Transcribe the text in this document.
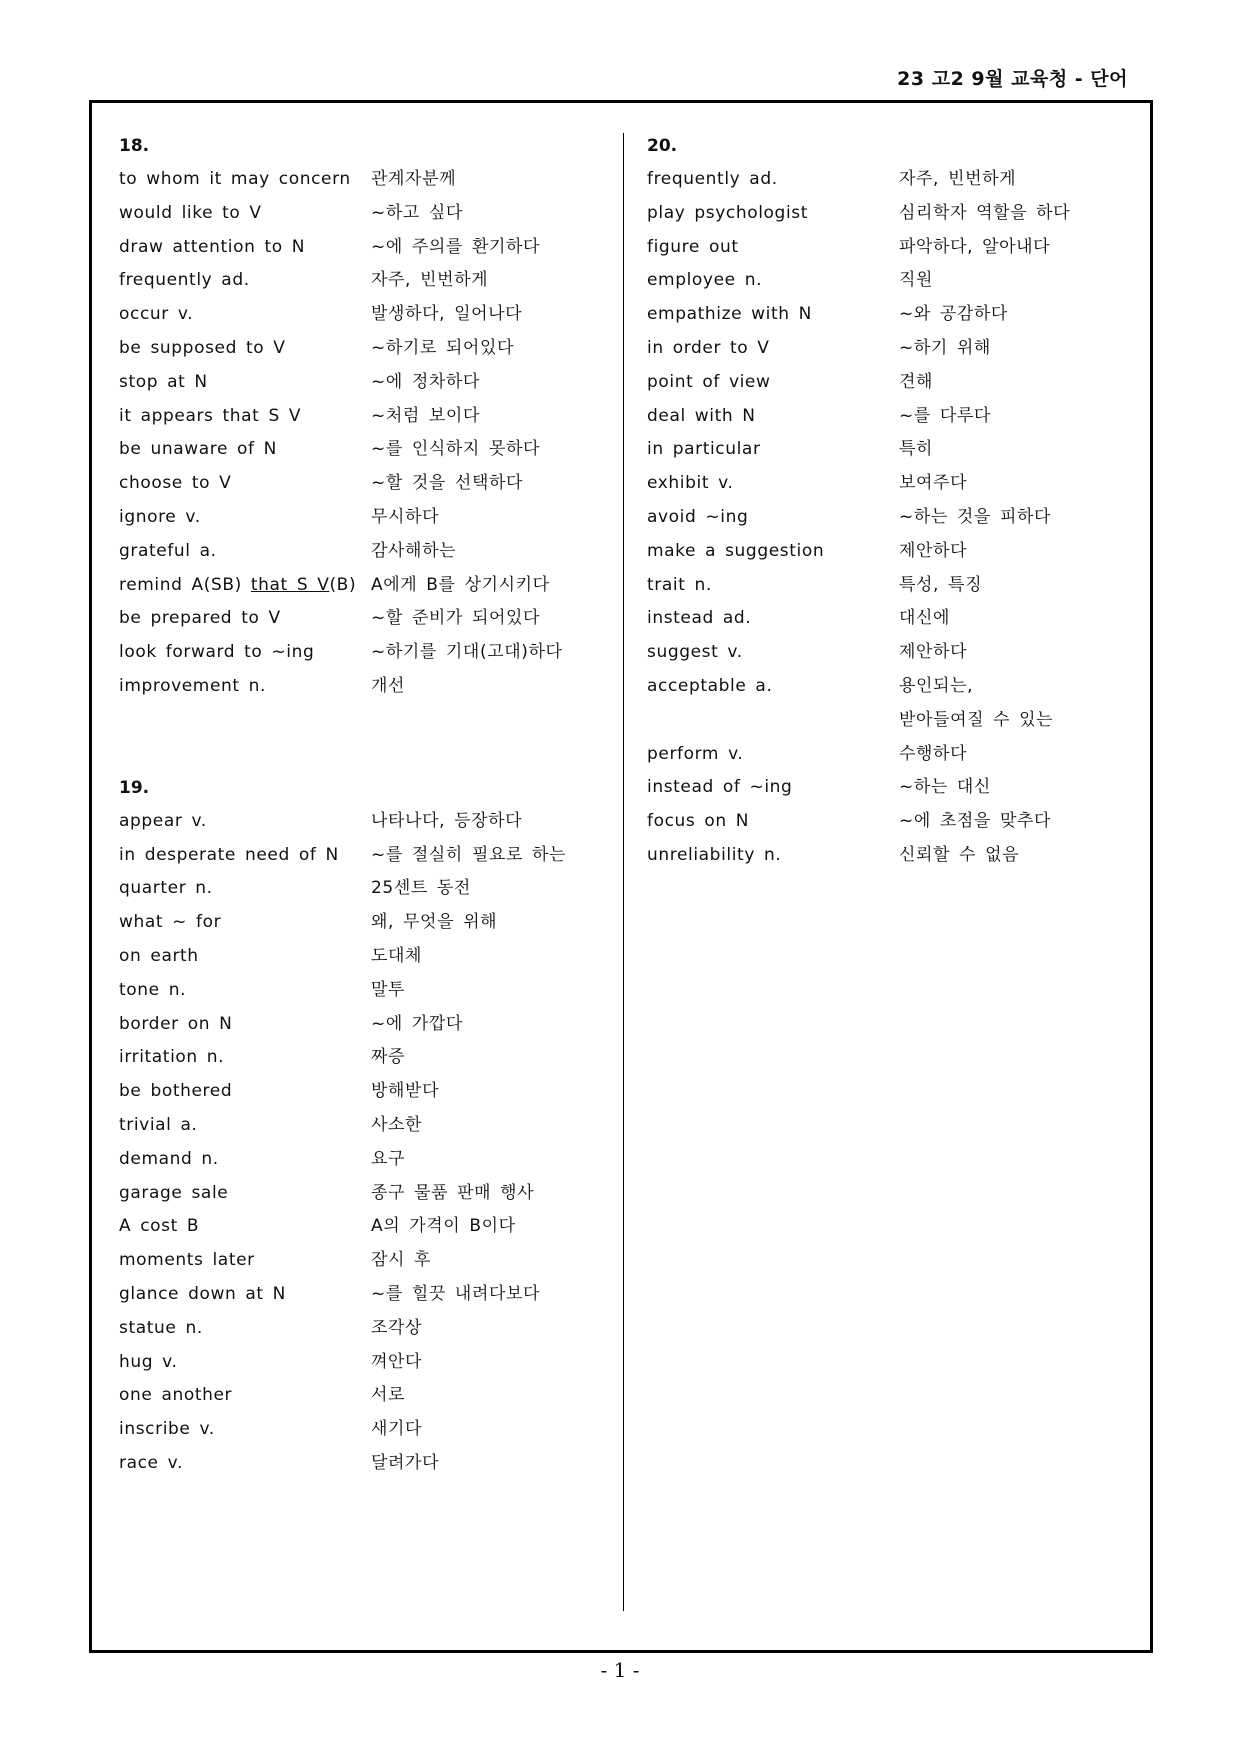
23 고2 9월 교육청 - 단어
18.
to whom it may concern	관계자분께
would like to V	~하고 싶다
draw attention to N	~에 주의를 환기하다
frequently ad.	자주, 빈번하게
occur v.	발생하다, 일어나다
be supposed to V	~하기로 되어있다
stop at N	~에 정차하다
it appears that S V	~처럼 보이다
be unaware of N	~를 인식하지 못하다
choose to V	~할 것을 선택하다
ignore v.	무시하다
grateful a.	감사해하는
remind A(SB) that S V(B) A에게 B를 상기시키다
be prepared to V	~할 준비가 되어있다
look forward to ~ing	~하기를 기대(고대)하다
improvement n.	개선
19.
appear v.	나타나다, 등장하다
in desperate need of N	~를 절실히 필요로 하는
quarter n.	25센트 동전
what ~ for	왜, 무엇을 위해
on earth	도대체
tone n.	말투
border on N	~에 가깝다
irritation n.	짜증
be bothered	방해받다
trivial a.	사소한
demand n.	요구
garage sale	종구 물품 판매 행사
A cost B	A의 가격이 B이다
moments later	잠시 후
glance down at N	~를 힐끗 내려다보다
statue n.	조각상
hug v.	껴안다
one another	서로
inscribe v.	새기다
race v.	달려가다
20.
frequently ad.	자주, 빈번하게
play psychologist	심리학자 역할을 하다
figure out	파악하다, 알아내다
employee n.	직원
empathize with N	~와 공감하다
in order to V	~하기 위해
point of view	견해
deal with N	~를 다루다
in particular	특히
exhibit v.	보여주다
avoid ~ing	~하는 것을 피하다
make a suggestion	제안하다
trait n.	특성, 특징
instead ad.	대신에
suggest v.	제안하다
acceptable a.	용인되는,
받아들여질 수 있는
perform v.	수행하다
instead of ~ing	~하는 대신
focus on N	~에 초점을 맞추다
unreliability n.	신뢰할 수 없음
- 1 -
